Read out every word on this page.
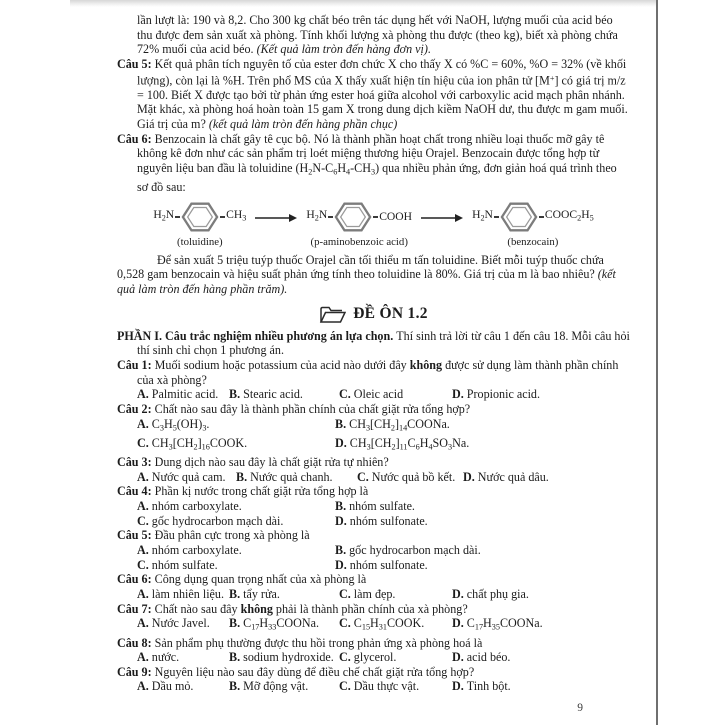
lần lượt là: 190 và 8,2. Cho 300 kg chất béo trên tác dụng hết với NaOH, lượng muối của acid béo thu được đem sản xuất xà phòng. Tính khối lượng xà phòng thu được (theo kg), biết xà phòng chứa 72% muối của acid béo. (Kết quả làm tròn đến hàng đơn vị).

Câu 5: Kết quả phân tích nguyên tố của ester đơn chức X cho thấy X có %C = 60%, %O = 32% (về khối lượng), còn lại là %H. Trên phổ MS của X thấy xuất hiện tín hiệu của ion phân tử [M+] có giá trị m/z = 100. Biết X được tạo bởi từ phản ứng ester hoá giữa alcohol với carboxylic acid mạch phân nhánh. Mặt khác, xà phòng hoá hoàn toàn 15 gam X trong dung dịch kiềm NaOH dư, thu được m gam muối. Giá trị của m? (kết quả làm tròn đến hàng phần chục)

Câu 6: Benzocain là chất gây tê cục bộ. Nó là thành phần hoạt chất trong nhiều loại thuốc mỡ gây tê không kê đơn như các sản phẩm trị loét miệng thương hiệu Orajel. Benzocain được tổng hợp từ nguyên liệu ban đầu là toluidine $(H_2N-C_6H_4-CH_3)$ qua nhiều phản ứng, đơn giản hoá quá trình theo sơ đồ sau:

$H_2N$	$CH_3$
(toluidine)
→ $H_2N$	COOH
(p-aminobenzoic acid)
→ $H_2N$	$COOC_2H_5$
(benzocain)

Để sản xuất 5 triệu tuýp thuốc Orajel cần tối thiểu m tấn toluidine. Biết mỗi tuýp thuốc chứa 0,528 gam benzocain và hiệu suất phản ứng tính theo toluidine là 80%. Giá trị của m là bao nhiêu? (kết quả làm tròn đến hàng phần trăm).

ĐỀ ÔN 1.2

PHẦN I. Câu trắc nghiệm nhiều phương án lựa chọn. Thí sinh trả lời từ câu 1 đến câu 18. Mỗi câu hỏi thí sinh chỉ chọn 1 phương án.

Câu 1: Muối sodium hoặc potassium của acid nào dưới đây không được sử dụng làm thành phần chính của xà phòng?

A. Palmitic acid. B. Stearic acid.	C. Oleic acid	D. Propionic acid.

Câu 2: Chất nào sau đây là thành phần chính của chất giặt rửa tổng hợp?

A. $C_3H_5(OH)_3$.	B. $CH_3[CH_2]_{14}COONa$.
C. $CH_3[CH_2]_{16}COOK$.	D. $CH_3[CH_2]_{11}C_6H_4SO_3Na$.

Câu 3: Dung dịch nào sau đây là chất giặt rửa tự nhiên?

A. Nước quả cam. B. Nước quả chanh.	C. Nước quả bồ kết. D. Nước quả dâu.

Câu 4: Phần kị nước trong chất giặt rửa tổng hợp là

A. nhóm carboxylate.	B. nhóm sulfate.
C. gốc hydrocarbon mạch dài.	D. nhóm sulfonate.

Câu 5: Đầu phân cực trong xà phòng là

A. nhóm carboxylate.	B. gốc hydrocarbon mạch dài.
C. nhóm sulfate.	D. nhóm sulfonate.

Câu 6: Công dụng quan trọng nhất của xà phòng là

A. làm nhiên liệu. B. tẩy rửa.	C. làm đẹp.	D. chất phụ gia.

Câu 7: Chất nào sau đây không phải là thành phần chính của xà phòng?

A. Nước Javel.	B. $C_{17}H_{33}COONa$.	C. $C_{15}H_{31}COOK$.	D. $C_{17}H_{35}COONa$.

Câu 8: Sản phẩm phụ thường được thu hồi trong phản ứng xà phòng hoá là

A. nước.	B. sodium hydroxide. C. glycerol.	D. acid béo.

Câu 9: Nguyên liệu nào sau đây dùng để điều chế chất giặt rửa tổng hợp?

A. Dầu mỏ.	B. Mỡ động vật.	C. Dầu thực vật.	D. Tinh bột.
9
